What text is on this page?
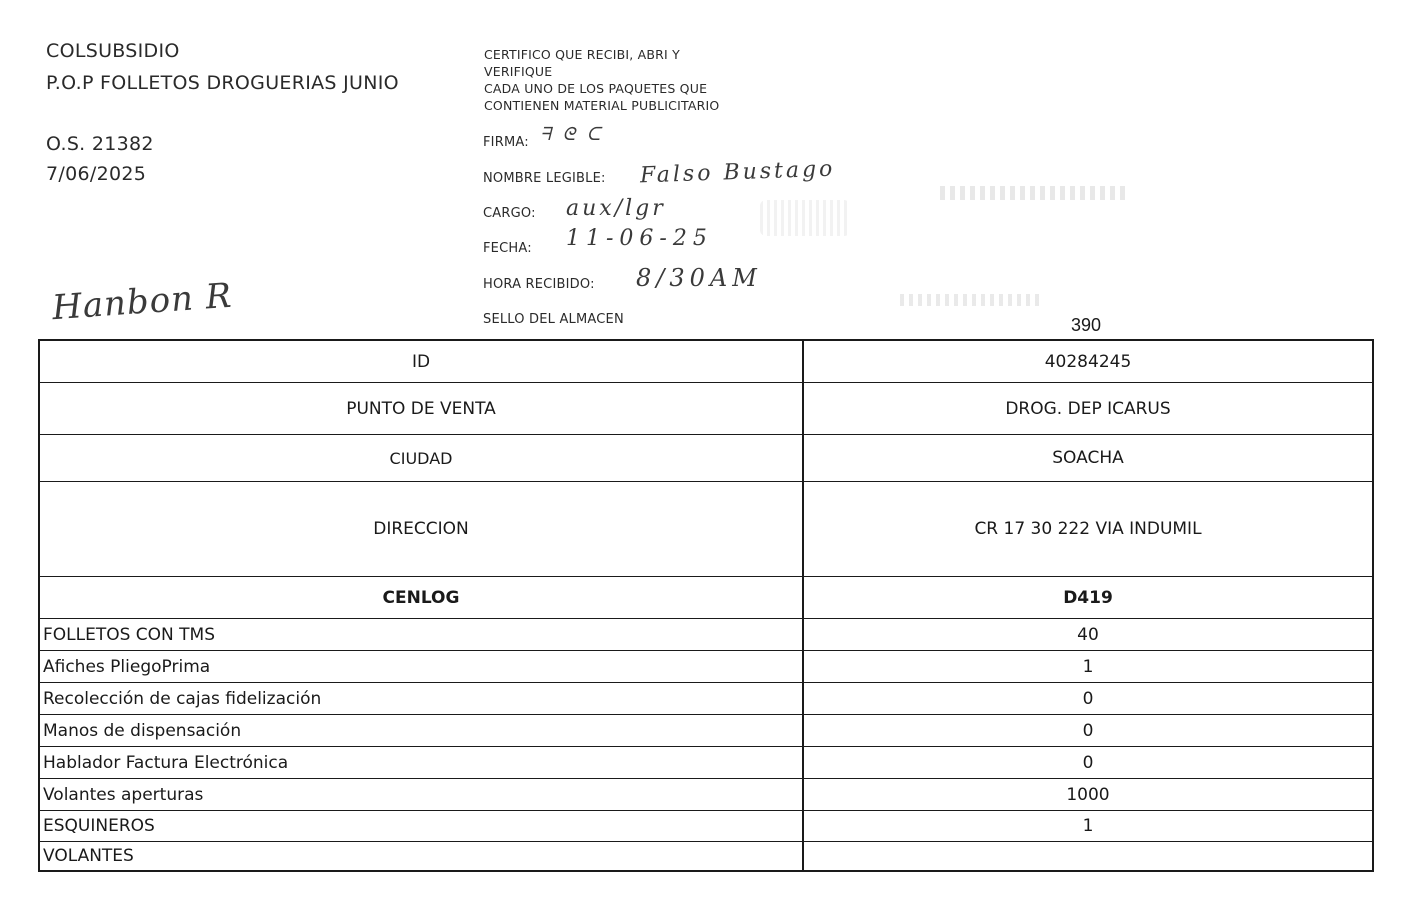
COLSUBSIDIO
P.O.P FOLLETOS DROGUERIAS JUNIO
O.S. 21382
7/06/2025
Hanbon R
CERTIFICO QUE RECIBI, ABRI Y
VERIFIQUE
CADA UNO DE LOS PAQUETES QUE
CONTIENEN MATERIAL PUBLICITARIO
FIRMA: ᖷ ᘓ ᑕ
NOMBRE LEGIBLE: Falso Bustago
CARGO: aux/lgr
FECHA: 11-06-25
HORA RECIBIDO: 8/30AM
SELLO DEL ALMACEN	390
ID	40284245
PUNTO DE VENTA	DROG. DEP ICARUS
CIUDAD	SOACHA
DIRECCION	CR 17 30 222 VIA INDUMIL
CENLOG	D419
FOLLETOS CON TMS	40
Afiches PliegoPrima	1
Recolección de cajas fidelización	0
Manos de dispensación	0
Hablador Factura Electrónica	0
Volantes aperturas	1000
ESQUINEROS	1
VOLANTES
